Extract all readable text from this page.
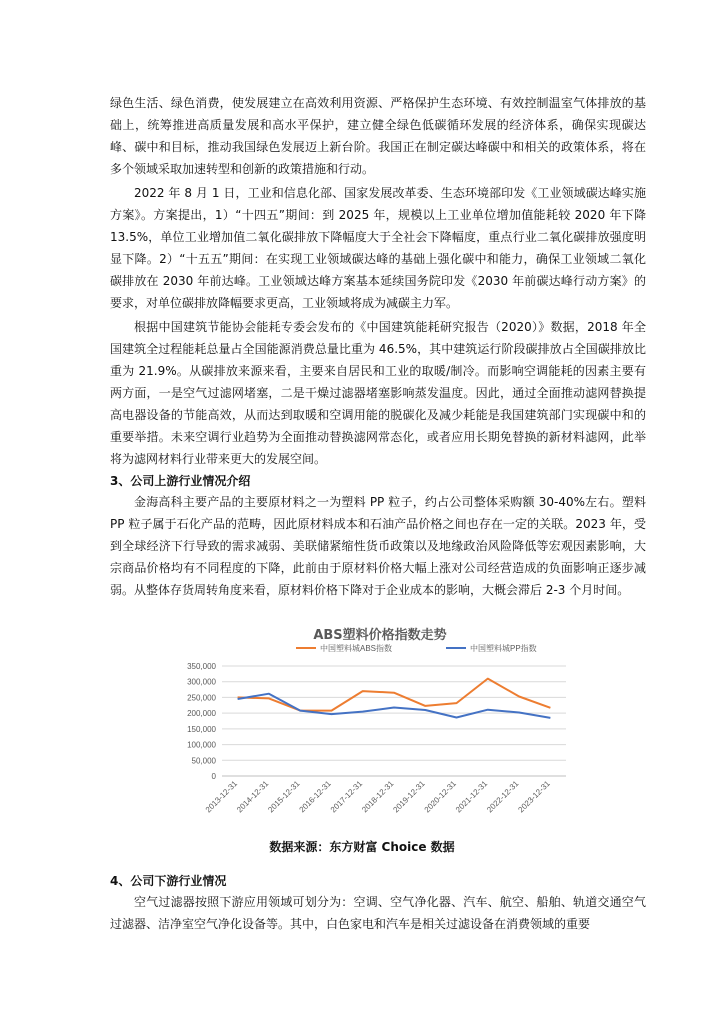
绿色生活、绿色消费，使发展建立在高效利用资源、严格保护生态环境、有效控制温室气体排放的基础上，统筹推进高质量发展和高水平保护，建立健全绿色低碳循环发展的经济体系，确保实现碳达峰、碳中和目标，推动我国绿色发展迈上新台阶。我国正在制定碳达峰碳中和相关的政策体系，将在多个领域采取加速转型和创新的政策措施和行动。

2022 年 8 月 1 日，工业和信息化部、国家发展改革委、生态环境部印发《工业领域碳达峰实施方案》。方案提出，1）“十四五”期间：到 2025 年，规模以上工业单位增加值能耗较 2020 年下降 13.5%，单位工业增加值二氧化碳排放下降幅度大于全社会下降幅度，重点行业二氧化碳排放强度明显下降。2）“十五五”期间：在实现工业领域碳达峰的基础上强化碳中和能力，确保工业领域二氧化碳排放在 2030 年前达峰。工业领域达峰方案基本延续国务院印发《2030 年前碳达峰行动方案》的要求，对单位碳排放降幅要求更高，工业领域将成为减碳主力军。

根据中国建筑节能协会能耗专委会发布的《中国建筑能耗研究报告（2020）》数据，2018 年全国建筑全过程能耗总量占全国能源消费总量比重为 46.5%，其中建筑运行阶段碳排放占全国碳排放比重为 21.9%。从碳排放来源来看，主要来自居民和工业的取暖/制冷。而影响空调能耗的因素主要有两方面，一是空气过滤网堵塞，二是干燥过滤器堵塞影响蒸发温度。因此，通过全面推动滤网替换提高电器设备的节能高效，从而达到取暖和空调用能的脱碳化及减少耗能是我国建筑部门实现碳中和的重要举措。未来空调行业趋势为全面推动替换滤网常态化，或者应用长期免替换的新材料滤网，此举将为滤网材料行业带来更大的发展空间。

3、公司上游行业情况介绍

金海高科主要产品的主要原材料之一为塑料 PP 粒子，约占公司整体采购额 30-40%左右。塑料 PP 粒子属于石化产品的范畴，因此原材料成本和石油产品价格之间也存在一定的关联。2023 年，受到全球经济下行导致的需求减弱、美联储紧缩性货币政策以及地缘政治风险降低等宏观因素影响，大宗商品价格均有不同程度的下降，此前由于原材料价格大幅上涨对公司经营造成的负面影响正逐步减弱。从整体存货周转角度来看，原材料价格下降对于企业成本的影响，大概会滞后 2-3 个月时间。

ABS塑料价格指数走势
350,000
300,000
250,000
200,000
150,000
100,000
50,000
0
2013-12-31
2014-12-31
2015-12-31
2016-12-31
2017-12-31
2018-12-31
2019-12-31
2020-12-31
2021-12-31
2022-12-31
2023-12-31
中国塑料城ABS指数	中国塑料城PP指数
数据来源：东方财富 Choice 数据
4、公司下游行业情况

空气过滤器按照下游应用领域可划分为：空调、空气净化器、汽车、航空、船舶、轨道交通空气过滤器、洁净室空气净化设备等。其中，白色家电和汽车是相关过滤设备在消费领域的重要
